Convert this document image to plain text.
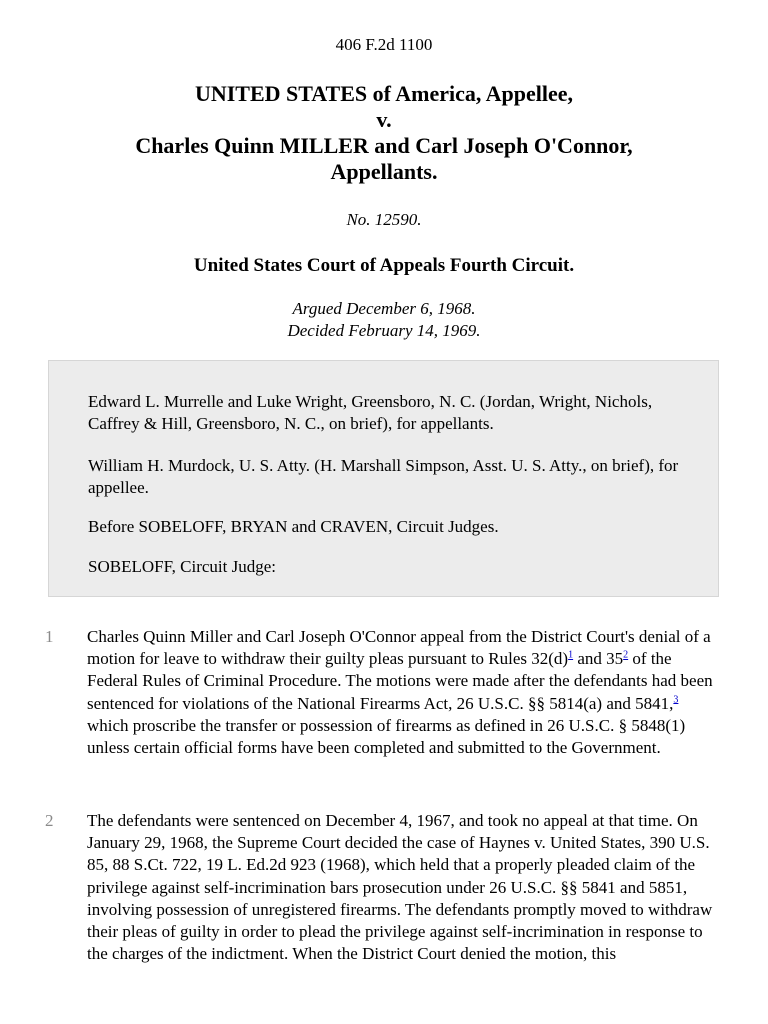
406 F.2d 1100
UNITED STATES of America, Appellee,
v.
Charles Quinn MILLER and Carl Joseph O'Connor,
Appellants.
No. 12590.
United States Court of Appeals Fourth Circuit.
Argued December 6, 1968.
Decided February 14, 1969.

Edward L. Murrelle and Luke Wright, Greensboro, N. C. (Jordan, Wright, Nichols, Caffrey & Hill, Greensboro, N. C., on brief), for appellants.

William H. Murdock, U. S. Atty. (H. Marshall Simpson, Asst. U. S. Atty., on brief), for appellee.

Before SOBELOFF, BRYAN and CRAVEN, Circuit Judges.

SOBELOFF, Circuit Judge:

1 Charles Quinn Miller and Carl Joseph O'Connor appeal from the District Court's denial of a motion for leave to withdraw their guilty pleas pursuant to Rules 32(d)$^1$ and 35$^2$ of the Federal Rules of Criminal Procedure. The motions were made after the defendants had been sentenced for violations of the National Firearms Act, 26 U.S.C. §§ 5814(a) and 5841,$^3$ which proscribe the transfer or possession of firearms as defined in 26 U.S.C. § 5848(1) unless certain official forms have been completed and submitted to the Government.

2 The defendants were sentenced on December 4, 1967, and took no appeal at that time. On January 29, 1968, the Supreme Court decided the case of Haynes v. United States, 390 U.S. 85, 88 S.Ct. 722, 19 L. Ed.2d 923 (1968), which held that a properly pleaded claim of the privilege against self-incrimination bars prosecution under 26 U.S.C. §§ 5841 and 5851, involving possession of unregistered firearms. The defendants promptly moved to withdraw their pleas of guilty in order to plead the privilege against self-incrimination in response to the charges of the indictment. When the District Court denied the motion, this
